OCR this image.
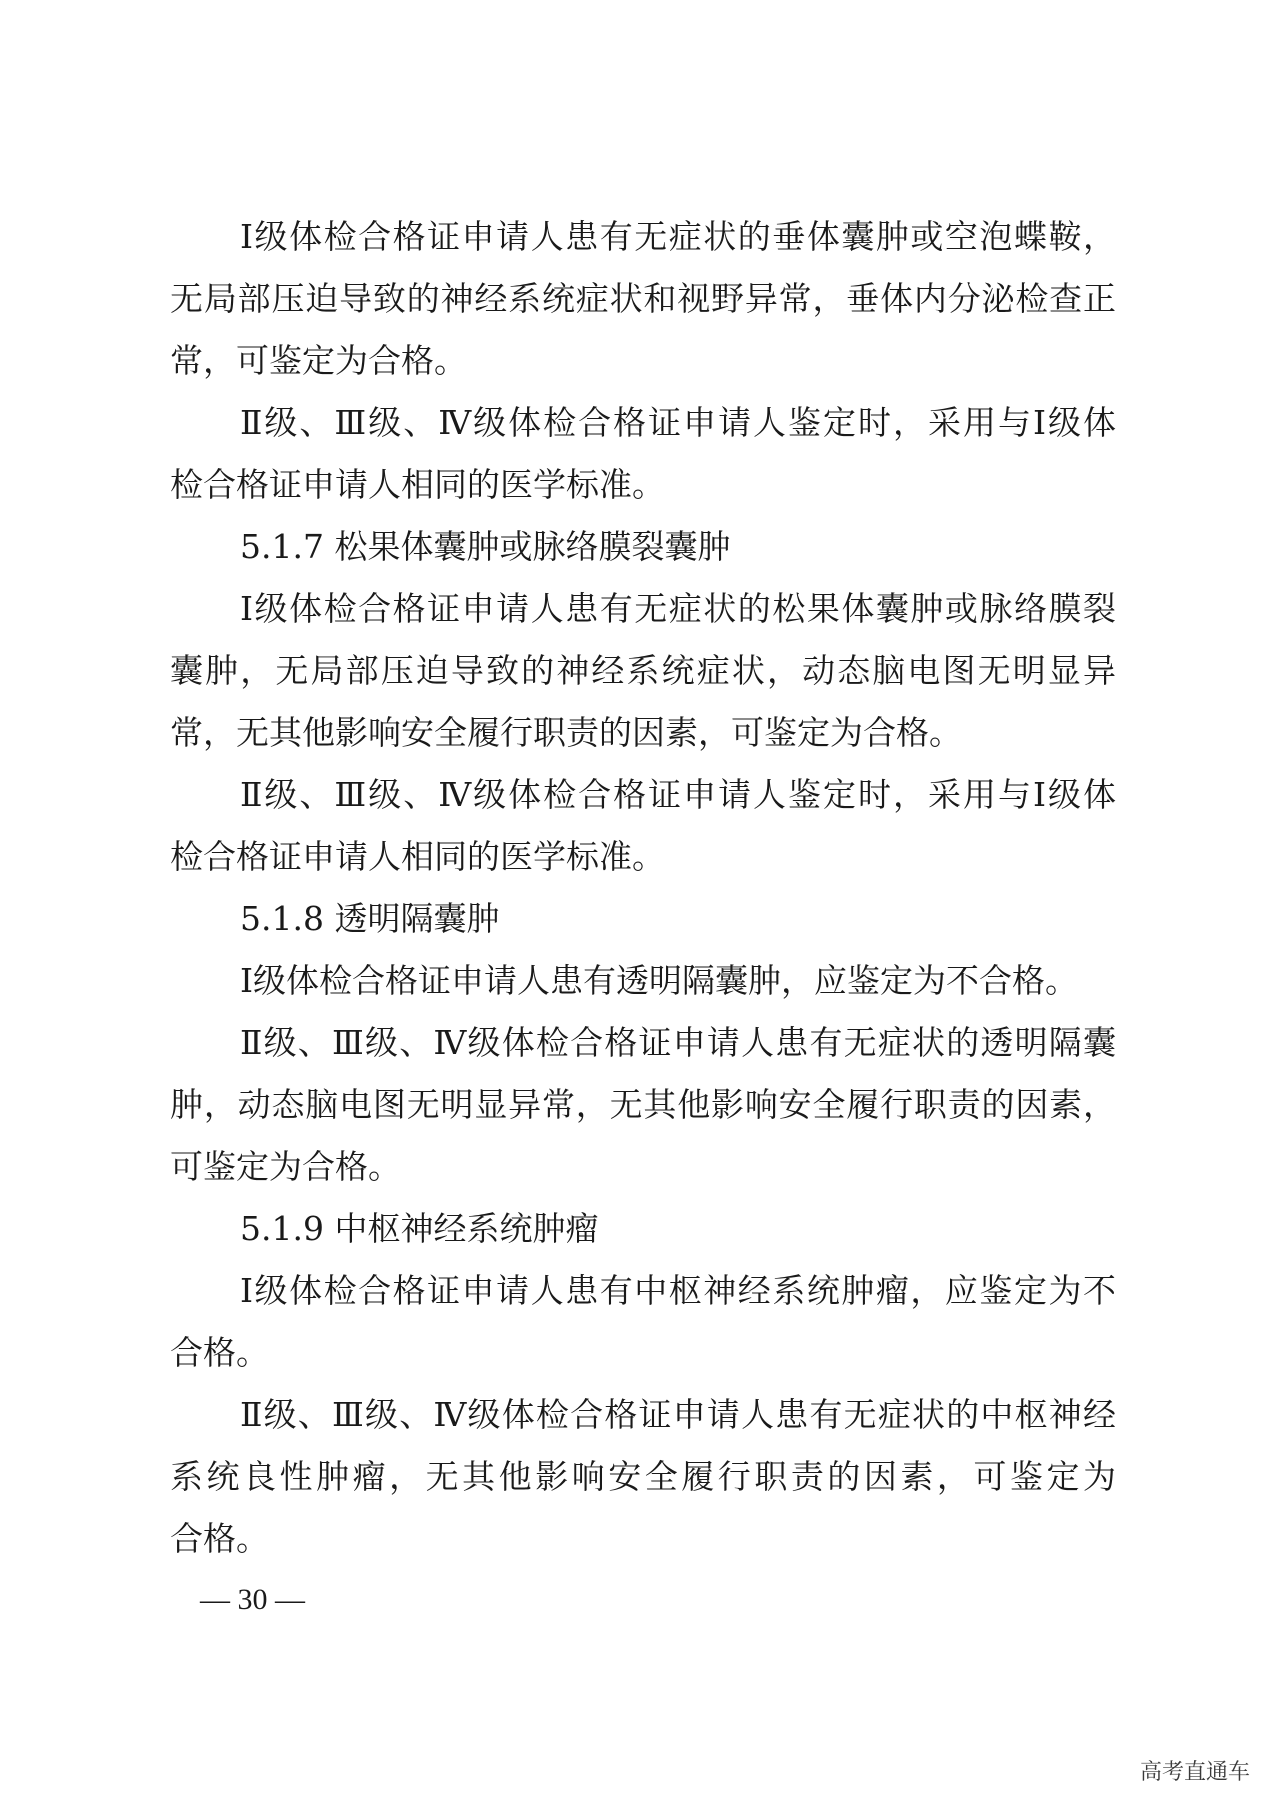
Ⅰ级体检合格证申请人患有无症状的垂体囊肿或空泡蝶鞍，
无局部压迫导致的神经系统症状和视野异常，垂体内分泌检查正
常，可鉴定为合格。
Ⅱ级、Ⅲ级、Ⅳ级体检合格证申请人鉴定时，采用与Ⅰ级体
检合格证申请人相同的医学标准。
5.1.7 松果体囊肿或脉络膜裂囊肿
Ⅰ级体检合格证申请人患有无症状的松果体囊肿或脉络膜裂
囊肿，无局部压迫导致的神经系统症状，动态脑电图无明显异
常，无其他影响安全履行职责的因素，可鉴定为合格。
Ⅱ级、Ⅲ级、Ⅳ级体检合格证申请人鉴定时，采用与Ⅰ级体
检合格证申请人相同的医学标准。
5.1.8 透明隔囊肿
Ⅰ级体检合格证申请人患有透明隔囊肿，应鉴定为不合格。
Ⅱ级、Ⅲ级、Ⅳ级体检合格证申请人患有无症状的透明隔囊
肿，动态脑电图无明显异常，无其他影响安全履行职责的因素，
可鉴定为合格。
5.1.9 中枢神经系统肿瘤
Ⅰ级体检合格证申请人患有中枢神经系统肿瘤，应鉴定为不
合格。
Ⅱ级、Ⅲ级、Ⅳ级体检合格证申请人患有无症状的中枢神经
系统良性肿瘤，无其他影响安全履行职责的因素，可鉴定为
合格。
— 30 —
高考直通车
